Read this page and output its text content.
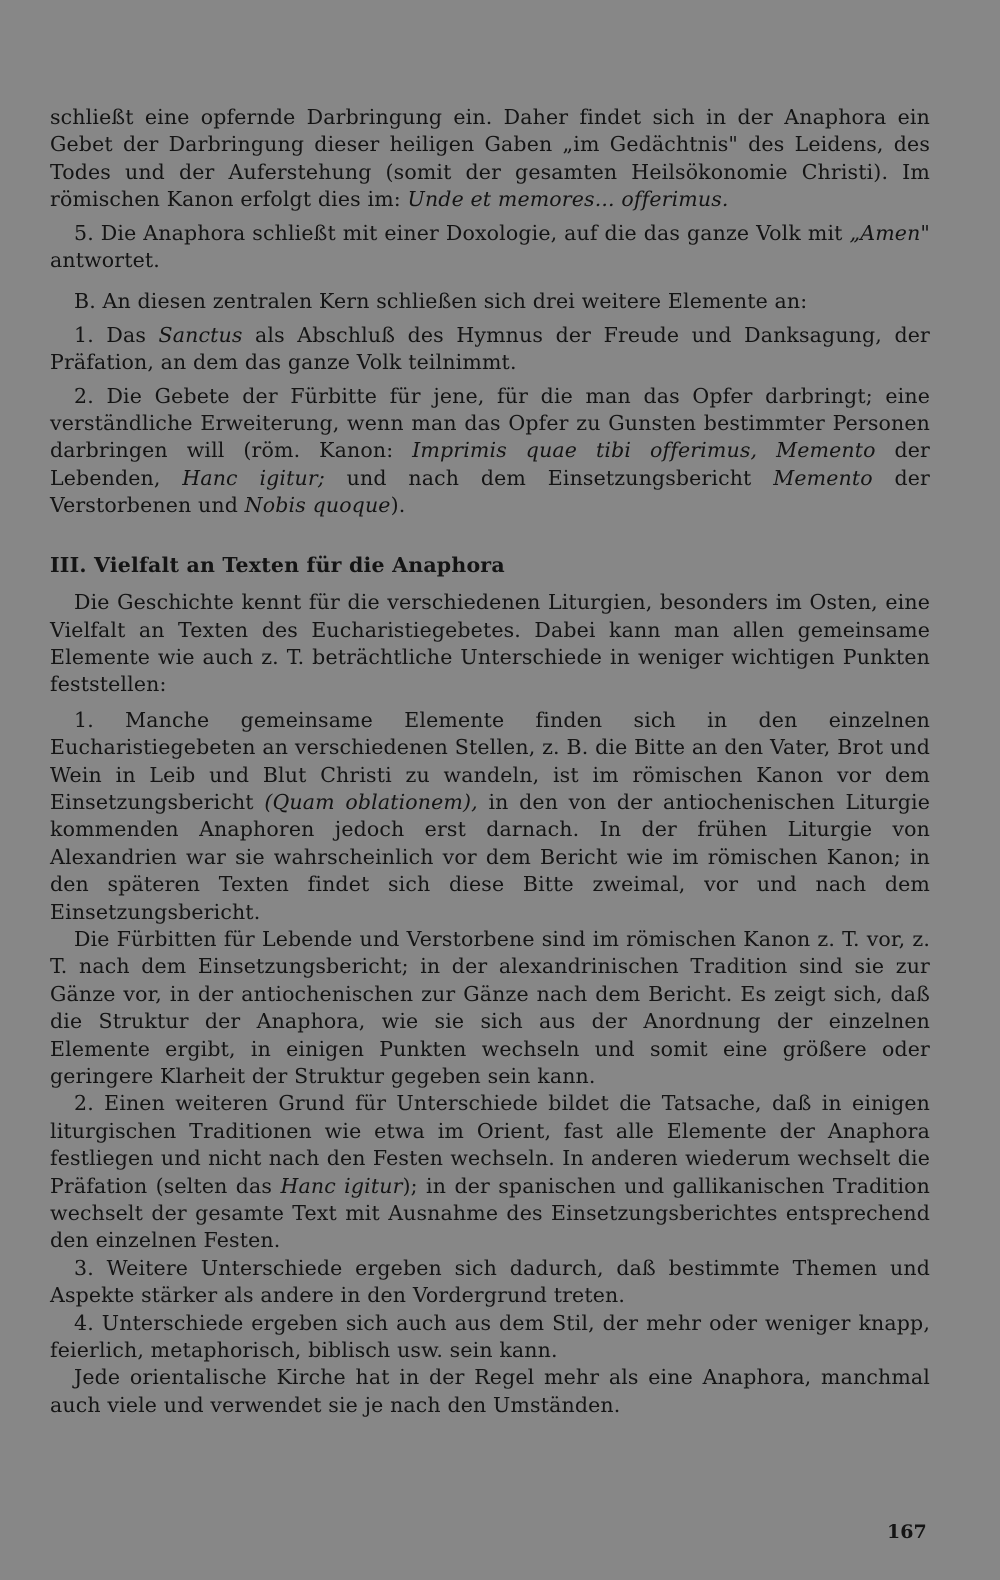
schließt eine opfernde Darbringung ein. Daher findet sich in der Anaphora ein Gebet der Darbringung dieser heiligen Gaben „im Gedächtnis" des Leidens, des Todes und der Auferstehung (somit der gesamten Heilsökonomie Christi). Im römischen Kanon erfolgt dies im: Unde et memores... offerimus.

5. Die Anaphora schließt mit einer Doxologie, auf die das ganze Volk mit „Amen" antwortet.

B. An diesen zentralen Kern schließen sich drei weitere Elemente an:

1. Das Sanctus als Abschluß des Hymnus der Freude und Danksagung, der Präfation, an dem das ganze Volk teilnimmt.

2. Die Gebete der Fürbitte für jene, für die man das Opfer darbringt; eine verständliche Erweiterung, wenn man das Opfer zu Gunsten bestimmter Personen darbringen will (röm. Kanon: Imprimis quae tibi offerimus, Memento der Lebenden, Hanc igitur; und nach dem Einsetzungsbericht Memento der Verstorbenen und Nobis quoque).

III. Vielfalt an Texten für die Anaphora

Die Geschichte kennt für die verschiedenen Liturgien, besonders im Osten, eine Vielfalt an Texten des Eucharistiegebetes. Dabei kann man allen gemeinsame Elemente wie auch z. T. beträchtliche Unterschiede in weniger wichtigen Punkten feststellen:

1. Manche gemeinsame Elemente finden sich in den einzelnen Eucharistiegebeten an verschiedenen Stellen, z. B. die Bitte an den Vater, Brot und Wein in Leib und Blut Christi zu wandeln, ist im römischen Kanon vor dem Einsetzungsbericht (Quam oblationem), in den von der antiochenischen Liturgie kommenden Anaphoren jedoch erst darnach. In der frühen Liturgie von Alexandrien war sie wahrscheinlich vor dem Bericht wie im römischen Kanon; in den späteren Texten findet sich diese Bitte zweimal, vor und nach dem Einsetzungsbericht.

Die Fürbitten für Lebende und Verstorbene sind im römischen Kanon z. T. vor, z. T. nach dem Einsetzungsbericht; in der alexandrinischen Tradition sind sie zur Gänze vor, in der antiochenischen zur Gänze nach dem Bericht. Es zeigt sich, daß die Struktur der Anaphora, wie sie sich aus der Anordnung der einzelnen Elemente ergibt, in einigen Punkten wechseln und somit eine größere oder geringere Klarheit der Struktur gegeben sein kann.

2. Einen weiteren Grund für Unterschiede bildet die Tatsache, daß in einigen liturgischen Traditionen wie etwa im Orient, fast alle Elemente der Anaphora festliegen und nicht nach den Festen wechseln. In anderen wiederum wechselt die Präfation (selten das Hanc igitur); in der spanischen und gallikanischen Tradition wechselt der gesamte Text mit Ausnahme des Einsetzungsberichtes entsprechend den einzelnen Festen.

3. Weitere Unterschiede ergeben sich dadurch, daß bestimmte Themen und Aspekte stärker als andere in den Vordergrund treten.

4. Unterschiede ergeben sich auch aus dem Stil, der mehr oder weniger knapp, feierlich, metaphorisch, biblisch usw. sein kann.

Jede orientalische Kirche hat in der Regel mehr als eine Anaphora, manchmal auch viele und verwendet sie je nach den Umständen.

167
